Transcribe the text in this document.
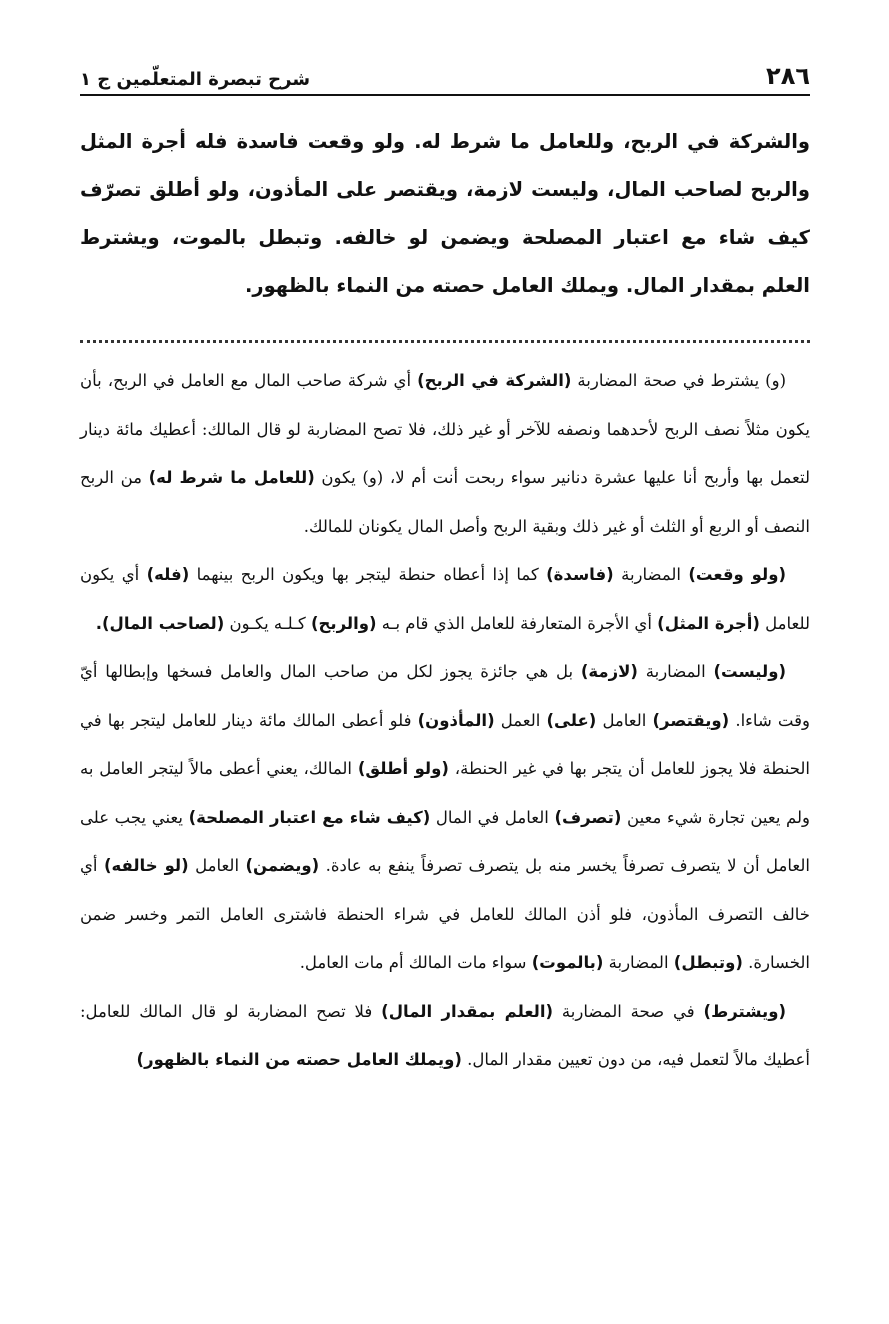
٢٨٦
شرح تبصرة المتعلّمين ج ١
والشركة في الربح، وللعامل ما شرط له. ولو وقعت فاسدة فله أجرة المثل والربح لصاحب المال، وليست لازمة، ويقتصر على المأذون، ولو أطلق تصرّف كيف شاء مع اعتبار المصلحة ويضمن لو خالفه. وتبطل بالموت، ويشترط العلم بمقدار المال. ويملك العامل حصته من النماء بالظهور.

(و) يشترط في صحة المضاربة (الشركة في الربح) أي شركة صاحب المال مع العامل في الربح، بأن يكون مثلاً نصف الربح لأحدهما ونصفه للآخر أو غير ذلك، فلا تصح المضاربة لو قال المالك: أعطيك مائة دينار لتعمل بها وأربح أنا عليها عشرة دنانير سواء ربحت أنت أم لا، (و) يكون (للعامل ما شرط له) من الربح النصف أو الربع أو الثلث أو غير ذلك وبقية الربح وأصل المال يكونان للمالك.

(ولو وقعت) المضاربة (فاسدة) كما إذا أعطاه حنطة ليتجر بها ويكون الربح بينهما (فله) أي يكون للعامل (أجرة المثل) أي الأجرة المتعارفة للعامل الذي قام بـه (والربح) كـلـه يكـون (لصاحب المال).

(وليست) المضاربة (لازمة) بل هي جائزة يجوز لكل من صاحب المال والعامل فسخها وإبطالها أيّ وقت شاءا. (ويقتصر) العامل (على) العمل (المأذون) فلو أعطى المالك مائة دينار للعامل ليتجر بها في الحنطة فلا يجوز للعامل أن يتجر بها في غير الحنطة، (ولو أطلق) المالك، يعني أعطى مالاً ليتجر العامل به ولم يعين تجارة شيء معين (تصرف) العامل في المال (كيف شاء مع اعتبار المصلحة) يعني يجب على العامل أن لا يتصرف تصرفاً يخسر منه بل يتصرف تصرفاً ينفع به عادة. (ويضمن) العامل (لو خالفه) أي خالف التصرف المأذون، فلو أذن المالك للعامل في شراء الحنطة فاشترى العامل التمر وخسر ضمن الخسارة. (وتبطل) المضاربة (بالموت) سواء مات المالك أم مات العامل.

(ويشترط) في صحة المضاربة (العلم بمقدار المال) فلا تصح المضاربة لو قال المالك للعامل: أعطيك مالاً لتعمل فيه، من دون تعيين مقدار المال. (ويملك العامل حصته من النماء بالظهور)
